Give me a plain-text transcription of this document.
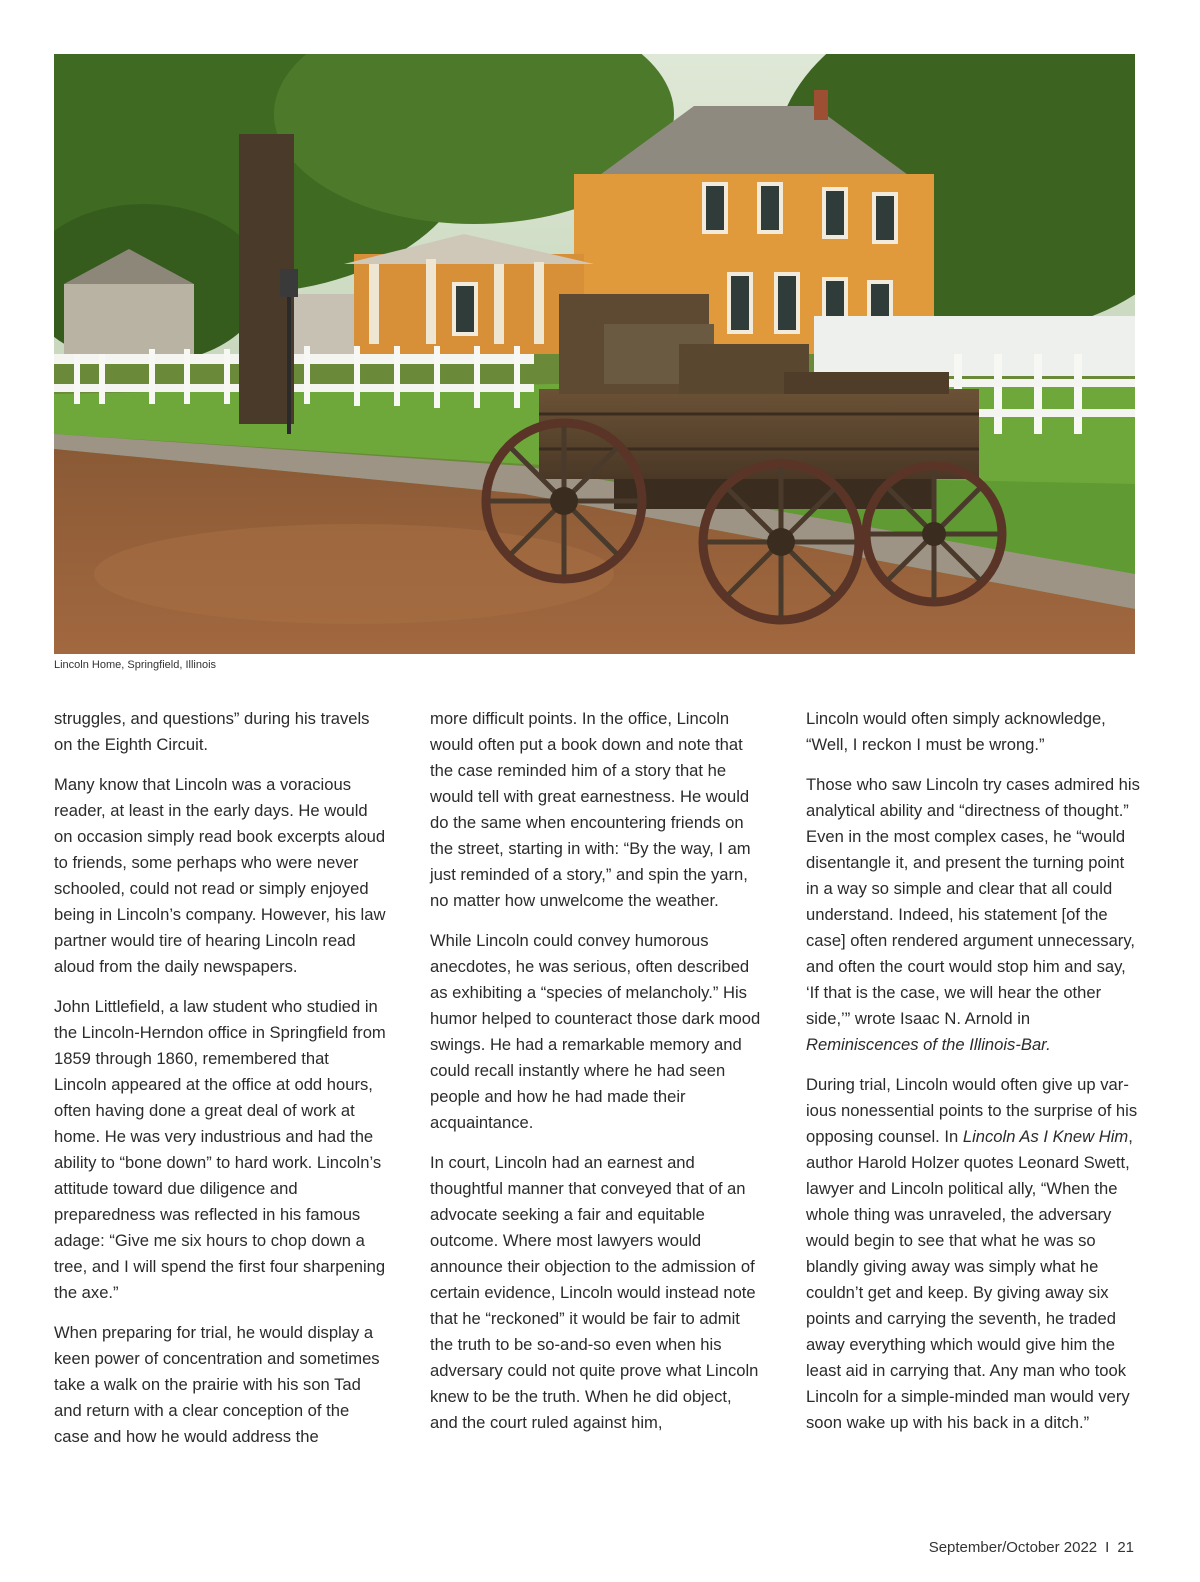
Lincoln Home, Springfield, Illinois

struggles, and questions” during his travels on the Eighth Circuit.

Many know that Lincoln was a voracious reader, at least in the early days. He would on occasion simply read book excerpts aloud to friends, some perhaps who were never schooled, could not read or simply enjoyed being in Lincoln’s company. However, his law partner would tire of hearing Lincoln read aloud from the daily newspapers.

John Littlefield, a law student who studied in the Lincoln-Herndon office in Springfield from 1859 through 1860, remembered that Lincoln appeared at the office at odd hours, often having done a great deal of work at home. He was very industrious and had the ability to “bone down” to hard work. Lincoln’s attitude toward due diligence and preparedness was reflected in his famous adage: “Give me six hours to chop down a tree, and I will spend the first four sharpening the axe.”

When preparing for trial, he would display a keen power of concentration and sometimes take a walk on the prairie with his son Tad and return with a clear conception of the case and how he would address the

more difficult points. In the office, Lincoln would often put a book down and note that the case reminded him of a story that he would tell with great earnestness. He would do the same when encountering friends on the street, starting in with: “By the way, I am just reminded of a story,” and spin the yarn, no matter how unwelcome the weather.

While Lincoln could convey humorous anecdotes, he was serious, often described as exhibiting a “species of melancholy.” His humor helped to counteract those dark mood swings. He had a remarkable memory and could recall instantly where he had seen people and how he had made their acquaintance.

In court, Lincoln had an earnest and thoughtful manner that conveyed that of an advocate seeking a fair and equitable outcome. Where most lawyers would announce their objection to the admission of certain evidence, Lincoln would instead note that he “reckoned” it would be fair to admit the truth to be so-and-so even when his adversary could not quite prove what Lincoln knew to be the truth. When he did object, and the court ruled against him,

Lincoln would often simply acknowledge, “Well, I reckon I must be wrong.”

Those who saw Lincoln try cases admired his analytical ability and “directness of thought.” Even in the most complex cases, he “would disentangle it, and present the turning point in a way so simple and clear that all could understand. Indeed, his statement [of the case] often rendered argument unnecessary, and often the court would stop him and say, ‘If that is the case, we will hear the other side,’” wrote Isaac N. Arnold in Reminiscences of the Illinois-Bar.

During trial, Lincoln would often give up various nonessential points to the surprise of his opposing counsel. In Lincoln As I Knew Him, author Harold Holzer quotes Leonard Swett, lawyer and Lincoln political ally, “When the whole thing was unraveled, the adversary would begin to see that what he was so blandly giving away was simply what he couldn’t get and keep. By giving away six points and carrying the seventh, he traded away everything which would give him the least aid in carrying that. Any man who took Lincoln for a simple-minded man would very soon wake up with his back in a ditch.”

September/October 2022 I 21
